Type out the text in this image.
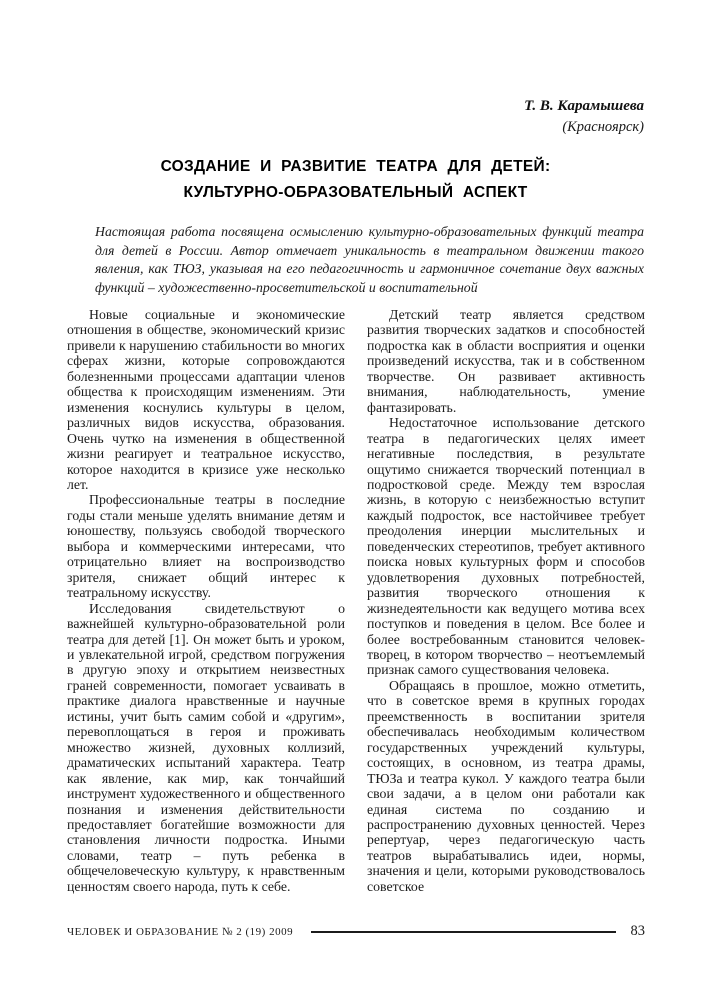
Т. В. Карамышева
(Красноярск)
СОЗДАНИЕ И РАЗВИТИЕ ТЕАТРА ДЛЯ ДЕТЕЙ:
КУЛЬТУРНО-ОБРАЗОВАТЕЛЬНЫЙ АСПЕКТ
Настоящая работа посвящена осмыслению культурно-образовательных функций театра для детей в России. Автор отмечает уникальность в театральном движении такого явления, как ТЮЗ, указывая на его педагогичность и гармоничное сочетание двух важных функций – художественно-просветительской и воспитательной

Новые социальные и экономические отношения в обществе, экономический кризис привели к нарушению стабильности во многих сферах жизни, которые сопровождаются болезненными процессами адаптации членов общества к происходящим изменениям. Эти изменения коснулись культуры в целом, различных видов искусства, образования. Очень чутко на изменения в общественной жизни реагирует и театральное искусство, которое находится в кризисе уже несколько лет.

Профессиональные театры в последние годы стали меньше уделять внимание детям и юношеству, пользуясь свободой творческого выбора и коммерческими интересами, что отрицательно влияет на воспроизводство зрителя, снижает общий интерес к театральному искусству.

Исследования свидетельствуют о важнейшей культурно-образовательной роли театра для детей [1]. Он может быть и уроком, и увлекательной игрой, средством погружения в другую эпоху и открытием неизвестных граней современности, помогает усваивать в практике диалога нравственные и научные истины, учит быть самим собой и «другим», перевоплощаться в героя и проживать множество жизней, духовных коллизий, драматических испытаний характера. Театр как явление, как мир, как тончайший инструмент художественного и общественного познания и изменения действительности предоставляет богатейшие возможности для становления личности подростка. Иными словами, театр – путь ребенка в общечеловеческую культуру, к нравственным ценностям своего народа, путь к себе.

Детский театр является средством развития творческих задатков и способностей подростка как в области восприятия и оценки произведений искусства, так и в собственном творчестве. Он развивает активность внимания, наблюдательность, умение фантазировать.

Недостаточное использование детского театра в педагогических целях имеет негативные последствия, в результате ощутимо снижается творческий потенциал в подростковой среде. Между тем взрослая жизнь, в которую с неизбежностью вступит каждый подросток, все настойчивее требует преодоления инерции мыслительных и поведенческих стереотипов, требует активного поиска новых культурных форм и способов удовлетворения духовных потребностей, развития творческого отношения к жизнедеятельности как ведущего мотива всех поступков и поведения в целом. Все более и более востребованным становится человек-творец, в котором творчество – неотъемлемый признак самого существования человека.

Обращаясь в прошлое, можно отметить, что в советское время в крупных городах преемственность в воспитании зрителя обеспечивалась необходимым количеством государственных учреждений культуры, состоящих, в основном, из театра драмы, ТЮЗа и театра кукол. У каждого театра были свои задачи, а в целом они работали как единая система по созданию и распространению духовных ценностей. Через репертуар, через педагогическую часть театров вырабатывались идеи, нормы, значения и цели, которыми руководствовалось советское

ЧЕЛОВЕК И ОБРАЗОВАНИЕ № 2 (19) 2009	83
